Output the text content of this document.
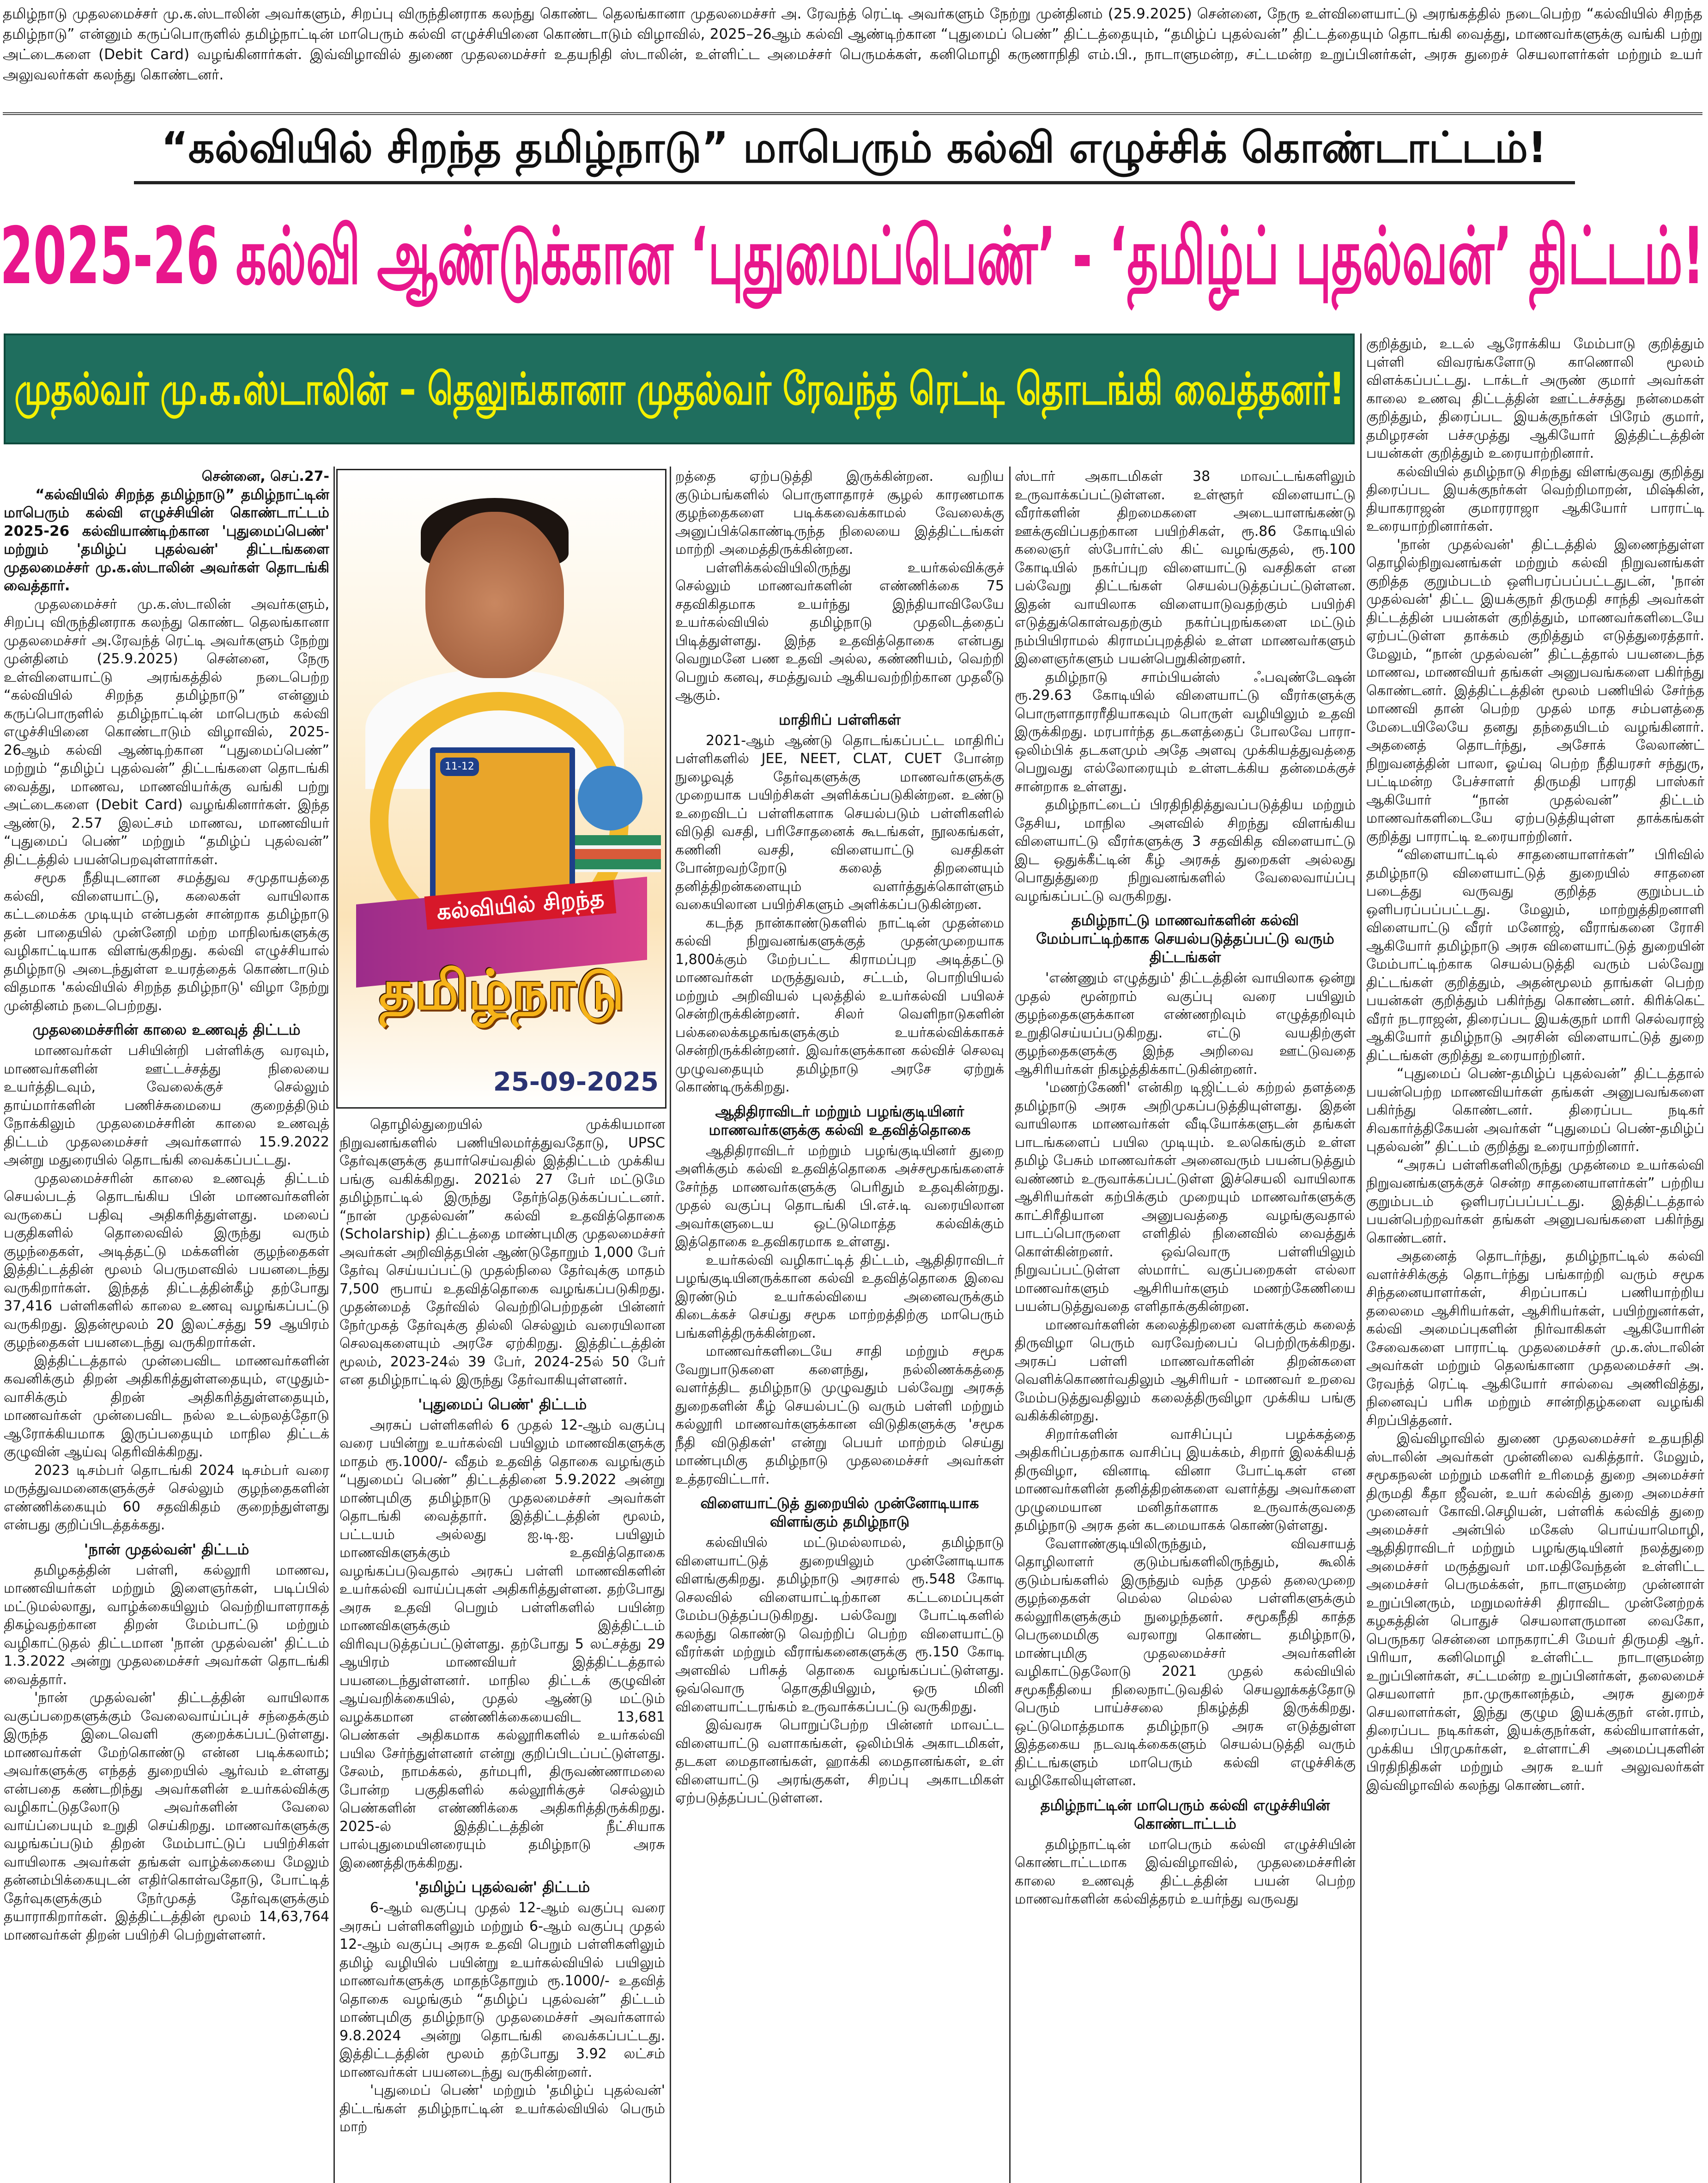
தமிழ்நாடு முதலமைச்சர் மு.க.ஸ்டாலின் அவர்களும், சிறப்பு விருந்தினராக கலந்து கொண்ட தெலங்கானா முதலமைச்சர் அ. ரேவந்த் ரெட்டி அவர்களும் நேற்று முன்தினம் (25.9.2025) சென்னை, நேரு உள்விளையாட்டு அரங்கத்தில் நடைபெற்ற “கல்வியில் சிறந்த தமிழ்நாடு” என்னும் கருப்பொருளில் தமிழ்நாட்டின் மாபெரும் கல்வி எழுச்சியினை கொண்டாடும் விழாவில், 2025–26ஆம் கல்வி ஆண்டிற்கான “புதுமைப் பெண்” திட்டத்தையும், “தமிழ்ப் புதல்வன்” திட்டத்தையும் தொடங்கி வைத்து, மாணவர்களுக்கு வங்கி பற்று அட்டைகளை (Debit Card) வழங்கினார்கள். இவ்விழாவில் துணை முதலமைச்சர் உதயநிதி ஸ்டாலின், உள்ளிட்ட அமைச்சர் பெருமக்கள், கனிமொழி கருணாநிதி எம்.பி., நாடாளுமன்ற, சட்டமன்ற உறுப்பினர்கள், அரசு துறைச் செயலாளர்கள் மற்றும் உயர் அலுவலர்கள் கலந்து கொண்டனர்.
“கல்வியில் சிறந்த தமிழ்நாடு” மாபெரும் கல்வி எழுச்சிக் கொண்டாட்டம்!
2025-26 கல்வி ஆண்டுக்கான ‘புதுமைப்பெண்’ - ‘தமிழ்ப் புதல்வன்’ திட்டம்!
முதல்வர் மு.க.ஸ்டாலின் – தெலுங்கானா முதல்வர் ரேவந்த் ரெட்டி தொடங்கி வைத்தனர்!
11-12
கல்வியில் சிறந்த
தமிழ்நாடு
25-09-2025
சென்னை, செப்.27-

“கல்வியில் சிறந்த தமிழ்நாடு” தமிழ்நாட்டின் மாபெரும் கல்வி எழுச்சியின் கொண்டாட்டம் 2025-26 கல்வியாண்டிற்கான 'புதுமைப்பெண்' மற்றும் 'தமிழ்ப் புதல்வன்' திட்டங்களை முதலமைச்சர் மு.க.ஸ்டாலின் அவர்கள் தொடங்கி வைத்தார்.

முதலமைச்சர் மு.க.ஸ்டாலின் அவர்களும், சிறப்பு விருந்தினராக கலந்து கொண்ட தெலங்கானா முதலமைச்சர் அ.ரேவந்த் ரெட்டி அவர்களும் நேற்று முன்தினம் (25.9.2025) சென்னை, நேரு உள்விளையாட்டு அரங்கத்தில் நடைபெற்ற “கல்வியில் சிறந்த தமிழ்நாடு” என்னும் கருப்பொருளில் தமிழ்நாட்டின் மாபெரும் கல்வி எழுச்சியினை கொண்டாடும் விழாவில், 2025-26ஆம் கல்வி ஆண்டிற்கான “புதுமைப்பெண்” மற்றும் “தமிழ்ப் புதல்வன்” திட்டங்களை தொடங்கி வைத்து, மாணவ, மாணவியர்க்கு வங்கி பற்று அட்டைகளை (Debit Card) வழங்கினார்கள். இந்த ஆண்டு, 2.57 இலட்சம் மாணவ, மாணவியர் “புதுமைப் பெண்” மற்றும் “தமிழ்ப் புதல்வன்” திட்டத்தில் பயன்பெறவுள்ளார்கள்.

சமூக நீதியுடனான சமத்துவ சமுதாயத்தை கல்வி, விளையாட்டு, கலைகள் வாயிலாக கட்டமைக்க முடியும் என்பதன் சான்றாக தமிழ்நாடு தன் பாதையில் முன்னேறி மற்ற மாநிலங்களுக்கு வழிகாட்டியாக விளங்குகிறது. கல்வி எழுச்சியால் தமிழ்நாடு அடைந்துள்ள உயரத்தைக் கொண்டாடும் விதமாக 'கல்வியில் சிறந்த தமிழ்நாடு' விழா நேற்று முன்தினம் நடைபெற்றது.

முதலமைச்சரின் காலை உணவுத் திட்டம்

மாணவர்கள் பசியின்றி பள்ளிக்கு வரவும், மாணவர்களின் ஊட்டச்சத்து நிலையை உயர்த்திடவும், வேலைக்குச் செல்லும் தாய்மார்களின் பணிச்சுமையை குறைத்திடும் நோக்கிலும் முதலமைச்சரின் காலை உணவுத் திட்டம் முதலமைச்சர் அவர்களால் 15.9.2022 அன்று மதுரையில் தொடங்கி வைக்கப்பட்டது.

முதலமைச்சரின் காலை உணவுத் திட்டம் செயல்படத் தொடங்கிய பின் மாணவர்களின் வருகைப் பதிவு அதிகரித்துள்ளது. மலைப் பகுதிகளில் தொலைவில் இருந்து வரும் குழந்தைகள், அடித்தட்டு மக்களின் குழந்தைகள் இத்திட்டத்தின் மூலம் பெருமளவில் பயனடைந்து வருகிறார்கள். இந்தத் திட்டத்தின்கீழ் தற்போது 37,416 பள்ளிகளில் காலை உணவு வழங்கப்பட்டு வருகிறது. இதன்மூலம் 20 இலட்சத்து 59 ஆயிரம் குழந்தைகள் பயனடைந்து வருகிறார்கள்.

இத்திட்டத்தால் முன்பைவிட மாணவர்களின் கவனிக்கும் திறன் அதிகரித்துள்ளதையும், எழுதும்-வாசிக்கும் திறன் அதிகரித்துள்ளதையும், மாணவர்கள் முன்பைவிட நல்ல உடல்நலத்தோடு ஆரோக்கியமாக இருப்பதையும் மாநில திட்டக் குழுவின் ஆய்வு தெரிவிக்கிறது.

2023 டிசம்பர் தொடங்கி 2024 டிசம்பர் வரை மருத்துவமனைகளுக்குச் செல்லும் குழந்தைகளின் எண்ணிக்கையும் 60 சதவிகிதம் குறைந்துள்ளது என்பது குறிப்பிடத்தக்கது.

'நான் முதல்வன்' திட்டம்

தமிழகத்தின் பள்ளி, கல்லூரி மாணவ, மாணவியர்கள் மற்றும் இளைஞர்கள், படிப்பில் மட்டுமல்லாது, வாழ்க்கையிலும் வெற்றியாளராகத் திகழ்வதற்கான திறன் மேம்பாட்டு மற்றும் வழிகாட்டுதல் திட்டமான 'நான் முதல்வன்' திட்டம் 1.3.2022 அன்று முதலமைச்சர் அவர்கள் தொடங்கி வைத்தார்.

'நான் முதல்வன்' திட்டத்தின் வாயிலாக வகுப்பறைகளுக்கும் வேலைவாய்ப்புச் சந்தைக்கும் இருந்த இடைவெளி குறைக்கப்பட்டுள்ளது. மாணவர்கள் மேற்கொண்டு என்ன படிக்கலாம்; அவர்களுக்கு எந்தத் துறையில் ஆர்வம் உள்ளது என்பதை கண்டறிந்து அவர்களின் உயர்கல்விக்கு வழிகாட்டுதலோடு அவர்களின் வேலை வாய்ப்பையும் உறுதி செய்கிறது. மாணவர்களுக்கு வழங்கப்படும் திறன் மேம்பாட்டுப் பயிற்சிகள் வாயிலாக அவர்கள் தங்கள் வாழ்க்கையை மேலும் தன்னம்பிக்கையுடன் எதிர்கொள்வதோடு, போட்டித் தேர்வுகளுக்கும் நேர்முகத் தேர்வுகளுக்கும் தயாராகிறார்கள். இத்திட்டத்தின் மூலம் 14,63,764 மாணவர்கள் திறன் பயிற்சி பெற்றுள்ளனர்.

தொழில்துறையில் முக்கியமான நிறுவனங்களில் பணியிலமர்த்துவதோடு, UPSC தேர்வுகளுக்கு தயார்செய்வதில் இத்திட்டம் முக்கிய பங்கு வகிக்கிறது. 2021ல் 27 பேர் மட்டுமே தமிழ்நாட்டில் இருந்து தேர்ந்தெடுக்கப்பட்டனர். “நான் முதல்வன்” கல்வி உதவித்தொகை (Scholarship) திட்டத்தை மாண்புமிகு முதலமைச்சர் அவர்கள் அறிவித்தபின் ஆண்டுதோறும் 1,000 பேர் தேர்வு செய்யப்பட்டு முதல்நிலை தேர்வுக்கு மாதம் 7,500 ரூபாய் உதவித்தொகை வழங்கப்படுகிறது. முதன்மைத் தேர்வில் வெற்றிபெற்றதன் பின்னர் நேர்முகத் தேர்வுக்கு தில்லி செல்லும் வரையிலான செலவுகளையும் அரசே ஏற்கிறது. இத்திட்டத்தின் மூலம், 2023-24ல் 39 பேர், 2024-25ல் 50 பேர் என தமிழ்நாட்டில் இருந்து தேர்வாகியுள்ளனர்.

'புதுமைப் பெண்' திட்டம்

அரசுப் பள்ளிகளில் 6 முதல் 12-ஆம் வகுப்பு வரை பயின்று உயர்கல்வி பயிலும் மாணவிகளுக்கு மாதம் ரூ.1000/- வீதம் உதவித் தொகை வழங்கும் “புதுமைப் பெண்” திட்டத்தினை 5.9.2022 அன்று மாண்புமிகு தமிழ்நாடு முதலமைச்சர் அவர்கள் தொடங்கி வைத்தார். இத்திட்டத்தின் மூலம், பட்டயம் அல்லது ஐ.டி.ஐ. பயிலும் மாணவிகளுக்கும் உதவித்தொகை வழங்கப்படுவதால் அரசுப் பள்ளி மாணவிகளின் உயர்கல்வி வாய்ப்புகள் அதிகரித்துள்ளன. தற்போது அரசு உதவி பெறும் பள்ளிகளில் பயின்ற மாணவிகளுக்கும் இத்திட்டம் விரிவுபடுத்தப்பட்டுள்ளது. தற்போது 5 லட்சத்து 29 ஆயிரம் மாணவியர் இத்திட்டத்தால் பயனடைந்துள்ளனர். மாநில திட்டக் குழுவின் ஆய்வறிக்கையில், முதல் ஆண்டு மட்டும் வழக்கமான எண்ணிக்கையைவிட 13,681 பெண்கள் அதிகமாக கல்லூரிகளில் உயர்கல்வி பயில சேர்ந்துள்ளனர் என்று குறிப்பிடப்பட்டுள்ளது. சேலம், நாமக்கல், தர்மபுரி, திருவண்ணாமலை போன்ற பகுதிகளில் கல்லூரிக்குச் செல்லும் பெண்களின் எண்ணிக்கை அதிகரித்திருக்கிறது. 2025-ல் இத்திட்டத்தின் நீட்சியாக பால்புதுமையினரையும் தமிழ்நாடு அரசு இணைத்திருக்கிறது.

'தமிழ்ப் புதல்வன்' திட்டம்

6-ஆம் வகுப்பு முதல் 12-ஆம் வகுப்பு வரை அரசுப் பள்ளிகளிலும் மற்றும் 6-ஆம் வகுப்பு முதல் 12-ஆம் வகுப்பு அரசு உதவி பெறும் பள்ளிகளிலும் தமிழ் வழியில் பயின்று உயர்கல்வியில் பயிலும் மாணவர்களுக்கு மாதந்தோறும் ரூ.1000/- உதவித் தொகை வழங்கும் “தமிழ்ப் புதல்வன்” திட்டம் மாண்புமிகு தமிழ்நாடு முதலமைச்சர் அவர்களால் 9.8.2024 அன்று தொடங்கி வைக்கப்பட்டது. இத்திட்டத்தின் மூலம் தற்போது 3.92 லட்சம் மாணவர்கள் பயனடைந்து வருகின்றனர்.

'புதுமைப் பெண்' மற்றும் 'தமிழ்ப் புதல்வன்' திட்டங்கள் தமிழ்நாட்டின் உயர்கல்வியில் பெரும் மாற்

றத்தை ஏற்படுத்தி இருக்கின்றன. வறிய குடும்பங்களில் பொருளாதாரச் சூழல் காரணமாக குழந்தைகளை படிக்கவைக்காமல் வேலைக்கு அனுப்பிக்கொண்டிருந்த நிலையை இத்திட்டங்கள் மாற்றி அமைத்திருக்கின்றன.

பள்ளிக்கல்வியிலிருந்து உயர்கல்விக்குச் செல்லும் மாணவர்களின் எண்ணிக்கை 75 சதவிகிதமாக உயர்ந்து இந்தியாவிலேயே உயர்கல்வியில் தமிழ்நாடு முதலிடத்தைப் பிடித்துள்ளது. இந்த உதவித்தொகை என்பது வெறுமனே பண உதவி அல்ல, கண்ணியம், வெற்றி பெறும் கனவு, சமத்துவம் ஆகியவற்றிற்கான முதலீடு ஆகும்.

மாதிரிப் பள்ளிகள்

2021-ஆம் ஆண்டு தொடங்கப்பட்ட மாதிரிப் பள்ளிகளில் JEE, NEET, CLAT, CUET போன்ற நுழைவுத் தேர்வுகளுக்கு மாணவர்களுக்கு முறையாக பயிற்சிகள் அளிக்கப்படுகின்றன. உண்டு உறைவிடப் பள்ளிகளாக செயல்படும் பள்ளிகளில் விடுதி வசதி, பரிசோதனைக் கூடங்கள், நூலகங்கள், கணினி வசதி, விளையாட்டு வசதிகள் போன்றவற்றோடு கலைத் திறனையும் தனித்திறன்களையும் வளர்த்துக்கொள்ளும் வகையிலான பயிற்சிகளும் அளிக்கப்படுகின்றன.

கடந்த நான்காண்டுகளில் நாட்டின் முதன்மை கல்வி நிறுவனங்களுக்குத் முதன்முறையாக 1,800க்கும் மேற்பட்ட கிராமப்புற அடித்தட்டு மாணவர்கள் மருத்துவம், சட்டம், பொறியியல் மற்றும் அறிவியல் புலத்தில் உயர்கல்வி பயிலச் சென்றிருக்கின்றனர். சிலர் வெளிநாடுகளின் பல்கலைக்கழகங்களுக்கும் உயர்கல்விக்காகச் சென்றிருக்கின்றனர். இவர்களுக்கான கல்விச் செலவு முழுவதையும் தமிழ்நாடு அரசே ஏற்றுக் கொண்டிருக்கிறது.

ஆதிதிராவிடர் மற்றும் பழங்குடியினர் மாணவர்களுக்கு கல்வி உதவித்தொகை

ஆதிதிராவிடர் மற்றும் பழங்குடியினர் துறை அளிக்கும் கல்வி உதவித்தொகை அச்சமூகங்களைச் சேர்ந்த மாணவர்களுக்கு பெரிதும் உதவுகின்றது. முதல் வகுப்பு தொடங்கி பி.எச்.டி வரையிலான அவர்களுடைய ஒட்டுமொத்த கல்விக்கும் இத்தொகை உதவிகரமாக உள்ளது.

உயர்கல்வி வழிகாட்டித் திட்டம், ஆதிதிராவிடர் பழங்குடியினருக்கான கல்வி உதவித்தொகை இவை இரண்டும் உயர்கல்வியை அனைவருக்கும் கிடைக்கச் செய்து சமூக மாற்றத்திற்கு மாபெரும் பங்களித்திருக்கின்றன.

மாணவர்களிடையே சாதி மற்றும் சமூக வேறுபாடுகளை களைந்து, நல்லிணக்கத்தை வளர்த்திட தமிழ்நாடு முழுவதும் பல்வேறு அரசுத் துறைகளின் கீழ் செயல்பட்டு வரும் பள்ளி மற்றும் கல்லூரி மாணவர்களுக்கான விடுதிகளுக்கு 'சமூக நீதி விடுதிகள்' என்று பெயர் மாற்றம் செய்து மாண்புமிகு தமிழ்நாடு முதலமைச்சர் அவர்கள் உத்தரவிட்டார்.

விளையாட்டுத் துறையில் முன்னோடியாக விளங்கும் தமிழ்நாடு

கல்வியில் மட்டுமல்லாமல், தமிழ்நாடு விளையாட்டுத் துறையிலும் முன்னோடியாக விளங்குகிறது. தமிழ்நாடு அரசால் ரூ.548 கோடி செலவில் விளையாட்டிற்கான கட்டமைப்புகள் மேம்படுத்தப்படுகிறது. பல்வேறு போட்டிகளில் கலந்து கொண்டு வெற்றிப் பெற்ற விளையாட்டு வீரர்கள் மற்றும் வீராங்கனைகளுக்கு ரூ.150 கோடி அளவில் பரிசுத் தொகை வழங்கப்பட்டுள்ளது. ஒவ்வொரு தொகுதியிலும், ஒரு மினி விளையாட்டரங்கம் உருவாக்கப்பட்டு வருகிறது.

இவ்வரசு பொறுப்பேற்ற பின்னர் மாவட்ட விளையாட்டு வளாகங்கள், ஒலிம்பிக் அகாடமிகள், தடகள மைதானங்கள், ஹாக்கி மைதானங்கள், உள் விளையாட்டு அரங்குகள், சிறப்பு அகாடமிகள் ஏற்படுத்தப்பட்டுள்ளன.

ஸ்டார் அகாடமிகள் 38 மாவட்டங்களிலும் உருவாக்கப்பட்டுள்ளன. உள்ளூர் விளையாட்டு வீரர்களின் திறமைகளை அடையாளங்கண்டு ஊக்குவிப்பதற்கான பயிற்சிகள், ரூ.86 கோடியில் கலைஞர் ஸ்போர்ட்ஸ் கிட் வழங்குதல், ரூ.100 கோடியில் நகர்ப்புற விளையாட்டு வசதிகள் என பல்வேறு திட்டங்கள் செயல்படுத்தப்பட்டுள்ளன. இதன் வாயிலாக விளையாடுவதற்கும் பயிற்சி எடுத்துக்கொள்வதற்கும் நகர்ப்புறங்களை மட்டும் நம்பியிராமல் கிராமப்புறத்தில் உள்ள மாணவர்களும் இளைஞர்களும் பயன்பெறுகின்றனர்.

தமிழ்நாடு சாம்பியன்ஸ் ஃபவுண்டேஷன் ரூ.29.63 கோடியில் விளையாட்டு வீரர்களுக்கு பொருளாதாரரீதியாகவும் பொருள் வழியிலும் உதவி இருக்கிறது. மரபார்ந்த தடகளத்தைப் போலவே பாரா-ஒலிம்பிக் தடகளமும் அதே அளவு முக்கியத்துவத்தை பெறுவது எல்லோரையும் உள்ளடக்கிய தன்மைக்குச் சான்றாக உள்ளது.

தமிழ்நாட்டைப் பிரதிநிதித்துவப்படுத்திய மற்றும் தேசிய, மாநில அளவில் சிறந்து விளங்கிய விளையாட்டு வீரர்களுக்கு 3 சதவிகித விளையாட்டு இட ஒதுக்கீட்டின் கீழ் அரசுத் துறைகள் அல்லது பொதுத்துறை நிறுவனங்களில் வேலைவாய்ப்பு வழங்கப்பட்டு வருகிறது.

தமிழ்நாட்டு மாணவர்களின் கல்வி மேம்பாட்டிற்காக செயல்படுத்தப்பட்டு வரும் திட்டங்கள்

'எண்ணும் எழுத்தும்' திட்டத்தின் வாயிலாக ஒன்று முதல் மூன்றாம் வகுப்பு வரை பயிலும் குழந்தைகளுக்கான எண்ணறிவும் எழுத்தறிவும் உறுதிசெய்யப்படுகிறது. எட்டு வயதிற்குள் குழந்தைகளுக்கு இந்த அறிவை ஊட்டுவதை ஆசிரியர்கள் நிகழ்த்திக்காட்டுகின்றனர்.

'மணற்கேணி' என்கிற டிஜிட்டல் கற்றல் தளத்தை தமிழ்நாடு அரசு அறிமுகப்படுத்தியுள்ளது. இதன் வாயிலாக மாணவர்கள் வீடியோக்களுடன் தங்கள் பாடங்களைப் பயில முடியும். உலகெங்கும் உள்ள தமிழ் பேசும் மாணவர்கள் அனைவரும் பயன்படுத்தும் வண்ணம் உருவாக்கப்பட்டுள்ள இச்செயலி வாயிலாக ஆசிரியர்கள் கற்பிக்கும் முறையும் மாணவர்களுக்கு காட்சிரீதியான அனுபவத்தை வழங்குவதால் பாடப்பொருளை எளிதில் நினைவில் வைத்துக் கொள்கின்றனர். ஒவ்வொரு பள்ளியிலும் நிறுவப்பட்டுள்ள ஸ்மார்ட் வகுப்பறைகள் எல்லா மாணவர்களும் ஆசிரியர்களும் மணற்கேணியை பயன்படுத்துவதை எளிதாக்குகின்றன.

மாணவர்களின் கலைத்திறனை வளர்க்கும் கலைத் திருவிழா பெரும் வரவேற்பைப் பெற்றிருக்கிறது. அரசுப் பள்ளி மாணவர்களின் திறன்களை வெளிக்கொணர்வதிலும் ஆசிரியர் - மாணவர் உறவை மேம்படுத்துவதிலும் கலைத்திருவிழா முக்கிய பங்கு வகிக்கின்றது.

சிறார்களின் வாசிப்புப் பழக்கத்தை அதிகரிப்பதற்காக வாசிப்பு இயக்கம், சிறார் இலக்கியத் திருவிழா, வினாடி வினா போட்டிகள் என மாணவர்களின் தனித்திறன்களை வளர்த்து அவர்களை முழுமையான மனிதர்களாக உருவாக்குவதை தமிழ்நாடு அரசு தன் கடமையாகக் கொண்டுள்ளது.

வேளாண்குடியிலிருந்தும், விவசாயத் தொழிலாளர் குடும்பங்களிலிருந்தும், கூலிக் குடும்பங்களில் இருந்தும் வந்த முதல் தலைமுறை குழந்தைகள் மெல்ல மெல்ல பள்ளிகளுக்கும் கல்லூரிகளுக்கும் நுழைந்தனர். சமூகநீதி காத்த பெருமைமிகு வரலாறு கொண்ட தமிழ்நாடு, மாண்புமிகு முதலமைச்சர் அவர்களின் வழிகாட்டுதலோடு 2021 முதல் கல்வியில் சமூகநீதியை நிலைநாட்டுவதில் செயலூக்கத்தோடு பெரும் பாய்ச்சலை நிகழ்த்தி இருக்கிறது. ஒட்டுமொத்தமாக தமிழ்நாடு அரசு எடுத்துள்ள இத்தகைய நடவடிக்கைகளும் செயல்படுத்தி வரும் திட்டங்களும் மாபெரும் கல்வி எழுச்சிக்கு வழிகோலியுள்ளன.

தமிழ்நாட்டின் மாபெரும் கல்வி எழுச்சியின் கொண்டாட்டம்

தமிழ்நாட்டின் மாபெரும் கல்வி எழுச்சியின் கொண்டாட்டமாக இவ்விழாவில், முதலமைச்சரின் காலை உணவுத் திட்டத்தின் பயன் பெற்ற மாணவர்களின் கல்வித்தரம் உயர்ந்து வருவது

குறித்தும், உடல் ஆரோக்கிய மேம்பாடு குறித்தும் புள்ளி விவரங்களோடு காணொலி மூலம் விளக்கப்பட்டது. டாக்டர் அருண் குமார் அவர்கள் காலை உணவு திட்டத்தின் ஊட்டச்சத்து நன்மைகள் குறித்தும், திரைப்பட இயக்குநர்கள் பிரேம் குமார், தமிழரசன் பச்சமுத்து ஆகியோர் இத்திட்டத்தின் பயன்கள் குறித்தும் உரையாற்றினார்.

கல்வியில் தமிழ்நாடு சிறந்து விளங்குவது குறித்து திரைப்பட இயக்குநர்கள் வெற்றிமாறன், மிஷ்கின், தியாகராஜன் குமாரராஜா ஆகியோர் பாராட்டி உரையாற்றினார்கள்.

'நான் முதல்வன்' திட்டத்தில் இணைந்துள்ள தொழில்நிறுவனங்கள் மற்றும் கல்வி நிறுவனங்கள் குறித்த குறும்படம் ஒளிபரப்பப்பட்டதுடன், 'நான் முதல்வன்' திட்ட இயக்குநர் திருமதி சாந்தி அவர்கள் திட்டத்தின் பயன்கள் குறித்தும், மாணவர்களிடையே ஏற்பட்டுள்ள தாக்கம் குறித்தும் எடுத்துரைத்தார். மேலும், “நான் முதல்வன்” திட்டத்தால் பயனடைந்த மாணவ, மாணவியர் தங்கள் அனுபவங்களை பகிர்ந்து கொண்டனர். இத்திட்டத்தின் மூலம் பணியில் சேர்ந்த மாணவி தான் பெற்ற முதல் மாத சம்பளத்தை மேடையிலேயே தனது தந்தையிடம் வழங்கினார். அதனைத் தொடர்ந்து, அசோக் லேலாண்ட் நிறுவனத்தின் பாலா, ஓய்வு பெற்ற நீதியரசர் சந்துரு, பட்டிமன்ற பேச்சாளர் திருமதி பாரதி பாஸ்கர் ஆகியோர் “நான் முதல்வன்” திட்டம் மாணவர்களிடையே ஏற்படுத்தியுள்ள தாக்கங்கள் குறித்து பாராட்டி உரையாற்றினர்.

“விளையாட்டில் சாதனையாளர்கள்” பிரிவில் தமிழ்நாடு விளையாட்டுத் துறையில் சாதனை படைத்து வருவது குறித்த குறும்படம் ஒளிபரப்பப்பட்டது. மேலும், மாற்றுத்திறனாளி விளையாட்டு வீரர் மனோஜ், வீராங்கனை ரோசி ஆகியோர் தமிழ்நாடு அரசு விளையாட்டுத் துறையின் மேம்பாட்டிற்காக செயல்படுத்தி வரும் பல்வேறு திட்டங்கள் குறித்தும், அதன்மூலம் தாங்கள் பெற்ற பயன்கள் குறித்தும் பகிர்ந்து கொண்டனர். கிரிக்கெட் வீரர் நடராஜன், திரைப்பட இயக்குநர் மாரி செல்வராஜ் ஆகியோர் தமிழ்நாடு அரசின் விளையாட்டுத் துறை திட்டங்கள் குறித்து உரையாற்றினர்.

“புதுமைப் பெண்-தமிழ்ப் புதல்வன்” திட்டத்தால் பயன்பெற்ற மாணவியர்கள் தங்கள் அனுபவங்களை பகிர்ந்து கொண்டனர். திரைப்பட நடிகர் சிவகார்த்திகேயன் அவர்கள் “புதுமைப் பெண்-தமிழ்ப் புதல்வன்” திட்டம் குறித்து உரையாற்றினார்.

“அரசுப் பள்ளிகளிலிருந்து முதன்மை உயர்கல்வி நிறுவனங்களுக்குச் சென்ற சாதனையாளர்கள்” பற்றிய குறும்படம் ஒளிபரப்பப்பட்டது. இத்திட்டத்தால் பயன்பெற்றவர்கள் தங்கள் அனுபவங்களை பகிர்ந்து கொண்டனர்.

அதனைத் தொடர்ந்து, தமிழ்நாட்டில் கல்வி வளர்ச்சிக்குத் தொடர்ந்து பங்காற்றி வரும் சமூக சிந்தனையாளர்கள், சிறப்பாகப் பணியாற்றிய தலைமை ஆசிரியர்கள், ஆசிரியர்கள், பயிற்றுனர்கள், கல்வி அமைப்புகளின் நிர்வாகிகள் ஆகியோரின் சேவைகளை பாராட்டி முதலமைச்சர் மு.க.ஸ்டாலின் அவர்கள் மற்றும் தெலங்கானா முதலமைச்சர் அ. ரேவந்த் ரெட்டி ஆகியோர் சால்வை அணிவித்து, நினைவுப் பரிசு மற்றும் சான்றிதழ்களை வழங்கி சிறப்பித்தனர்.

இவ்விழாவில் துணை முதலமைச்சர் உதயநிதி ஸ்டாலின் அவர்கள் முன்னிலை வகித்தார். மேலும், சமூகநலன் மற்றும் மகளிர் உரிமைத் துறை அமைச்சர் திருமதி கீதா ஜீவன், உயர் கல்வித் துறை அமைச்சர் முனைவர் கோவி.செழியன், பள்ளிக் கல்வித் துறை அமைச்சர் அன்பில் மகேஸ் பொய்யாமொழி, ஆதிதிராவிடர் மற்றும் பழங்குடியினர் நலத்துறை அமைச்சர் மருத்துவர் மா.மதிவேந்தன் உள்ளிட்ட அமைச்சர் பெருமக்கள், நாடாளுமன்ற முன்னாள் உறுப்பினரும், மறுமலர்ச்சி திராவிட முன்னேற்றக் கழகத்தின் பொதுச் செயலாளருமான வைகோ, பெருநகர சென்னை மாநகராட்சி மேயர் திருமதி ஆர். பிரியா, கனிமொழி உள்ளிட்ட நாடாளுமன்ற உறுப்பினர்கள், சட்டமன்ற உறுப்பினர்கள், தலைமைச் செயலாளர் நா.முருகானந்தம், அரசு துறைச் செயலாளர்கள், இந்து குழும இயக்குநர் என்.ராம், திரைப்பட நடிகர்கள், இயக்குநர்கள், கல்வியாளர்கள், முக்கிய பிரமுகர்கள், உள்ளாட்சி அமைப்புகளின் பிரதிநிதிகள் மற்றும் அரசு உயர் அலுவலர்கள் இவ்விழாவில் கலந்து கொண்டனர்.
